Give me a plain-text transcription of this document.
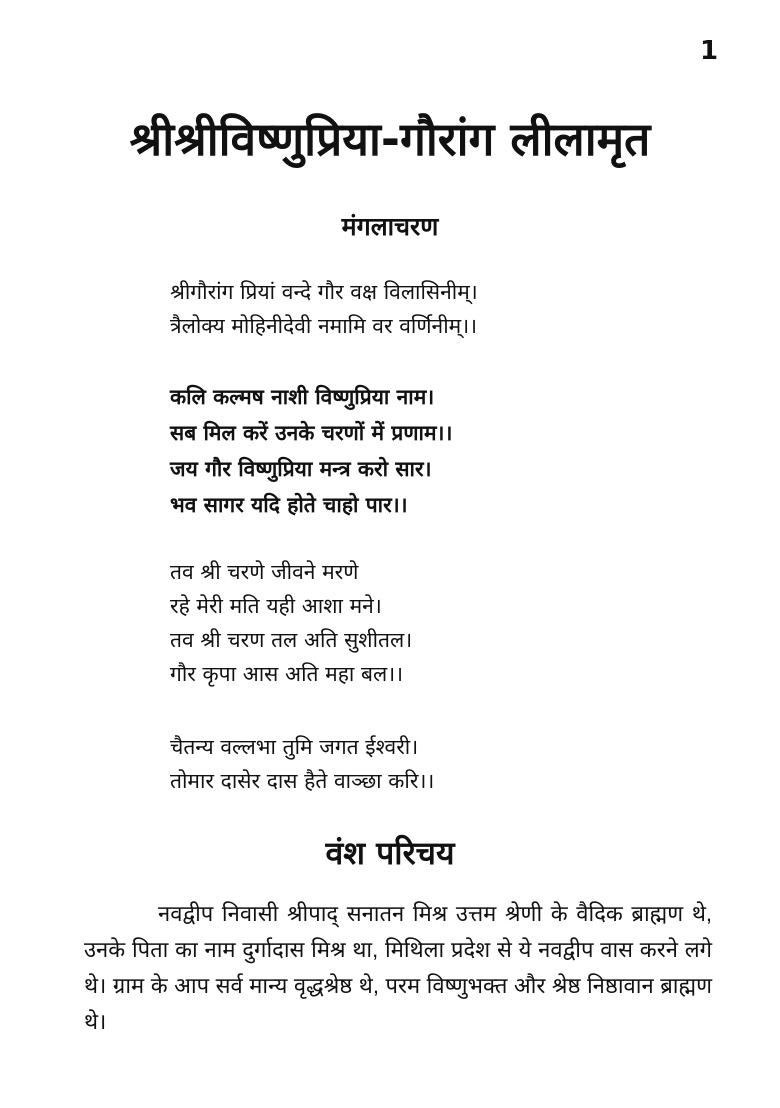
1
श्रीश्रीविष्णुप्रिया-गौरांग लीलामृत
मंगलाचरण
श्रीगौरांग प्रियां वन्दे गौर वक्ष विलासिनीम्।
त्रैलोक्य मोहिनीदेवी नमामि वर वर्णिनीम्।।
कलि कल्मष नाशी विष्णुप्रिया नाम।
सब मिल करें उनके चरणों में प्रणाम।।
जय गौर विष्णुप्रिया मन्त्र करो सार।
भव सागर यदि होते चाहो पार।।
तव श्री चरणे जीवने मरणे
रहे मेरी मति यही आशा मने।
तव श्री चरण तल अति सुशीतल।
गौर कृपा आस अति महा बल।।
चैतन्य वल्लभा तुमि जगत ईश्वरी।
तोमार दासेर दास हैते वाञ्छा करि।।
वंश परिचय

नवद्वीप निवासी श्रीपाद् सनातन मिश्र उत्तम श्रेणी के वैदिक ब्राह्मण थे, उनके पिता का नाम दुर्गादास मिश्र था, मिथिला प्रदेश से ये नवद्वीप वास करने लगे थे। ग्राम के आप सर्व मान्य वृद्धश्रेष्ठ थे, परम विष्णुभक्त और श्रेष्ठ निष्ठावान ब्राह्मण थे।
